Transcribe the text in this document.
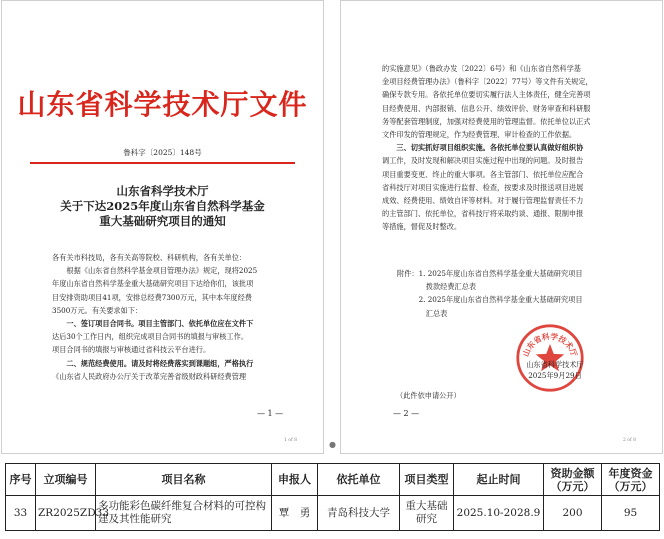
山东省科学技术厅文件
鲁科字〔2025〕148号
山东省科学技术厅
关于下达2025年度山东省自然科学基金
重大基础研究项目的通知
各有关市科技局，各有关高等院校、科研机构，各有关单位：
　　根据《山东省自然科学基金项目管理办法》规定，现将2025
年度山东省自然科学基金重大基础研究项目下达给你们，该批项
目安排资助项目41项，安排总经费7300万元，其中本年度经费
3500万元。有关要求如下：
　　一、签订项目合同书。项目主管部门、依托单位应在文件下
达后30个工作日内，组织完成项目合同书的填报与审核工作。
项目合同书的填报与审核通过省科技云平台进行。
　　二、规范经费使用。请及时将经费落实到课题组，严格执行
《山东省人民政府办公厅关于改革完善省级财政科研经费管理
— 1 —
1 of 8	●
的实施意见》（鲁政办发〔2022〕6号）和《山东省自然科学基
金项目经费管理办法》（鲁科字〔2022〕77号）等文件有关规定，
确保专款专用。各依托单位要切实履行法人主体责任，健全完善项
目经费使用、内部报销、信息公开、绩效评价、财务审查和科研服
务等配套管理制度，加强对经费使用的管理监督。依托单位以正式
文件印发的管理规定，作为经费管理、审计检查的工作依据。
　　三、切实抓好项目组织实施。各依托单位要认真做好组织协
调工作，及时发现和解决项目实施过程中出现的问题。及时报告
项目重要变更、终止的重大事项。各主管部门、依托单位应配合
省科技厅对项目实施进行监督、检查，按要求及时报送项目进展
成效、经费使用、绩效自评等材料。对于履行管理监督责任不力
的主管部门、依托单位，省科技厅将采取约谈、通报、限制申报
等措施，督促及时整改。
附件：1. 2025年度山东省自然科学基金重大基础研究项目
　　　　拨款经费汇总表
　　　2. 2025年度山东省自然科学基金重大基础研究项目
　　　　汇总表
山东省科学技术厅
山东省科学技术厅
2025年9月29日
（此件依申请公开）
— 2 —
2 of 8
序号	立项编号	项目名称	申报人	依托单位	项目类型	起止时间	资助金额（万元）	年度资金（万元）
33	ZR2025ZD33	多功能彩色碳纤维复合材料的可控构建及其性能研究	覃　勇	青岛科技大学	重大基础研究	2025.10-2028.9	200	95
